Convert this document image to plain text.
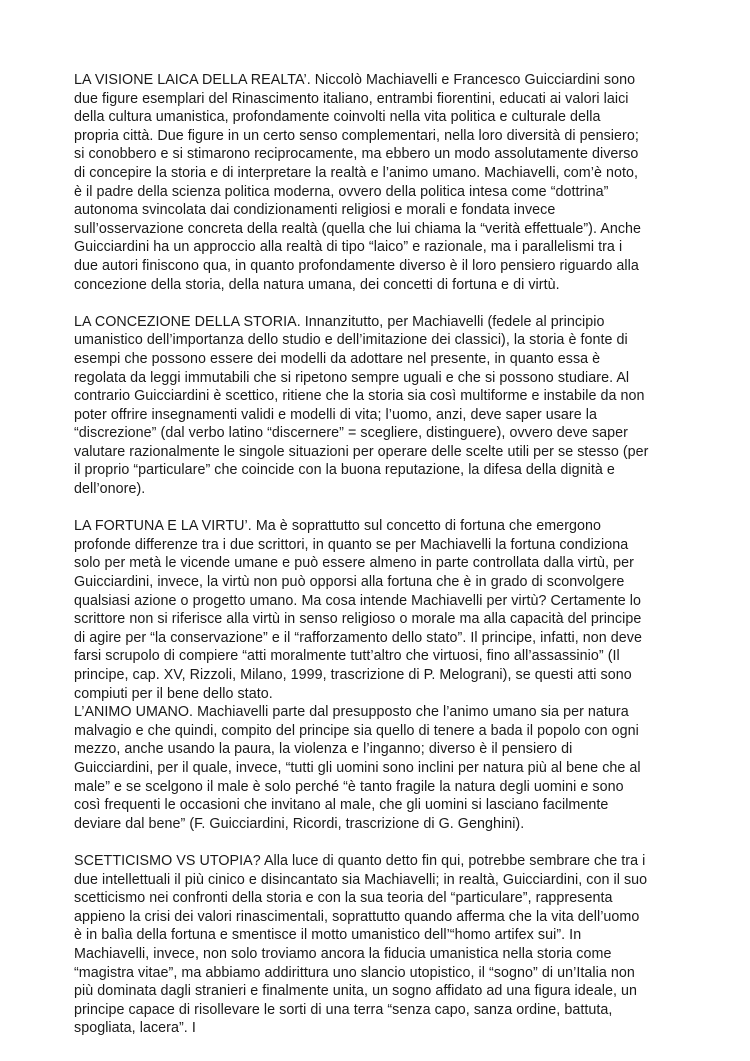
LA VISIONE LAICA DELLA REALTA’. Niccolò Machiavelli e Francesco Guicciardini sono
due figure esemplari del Rinascimento italiano, entrambi fiorentini, educati ai valori laici
della cultura umanistica, profondamente coinvolti nella vita politica e culturale della
propria città. Due figure in un certo senso complementari, nella loro diversità di pensiero;
si conobbero e si stimarono reciprocamente, ma ebbero un modo assolutamente diverso
di concepire la storia e di interpretare la realtà e l’animo umano. Machiavelli, com’è noto,
è il padre della scienza politica moderna, ovvero della politica intesa come “dottrina”
autonoma svincolata dai condizionamenti religiosi e morali e fondata invece
sull’osservazione concreta della realtà (quella che lui chiama la “verità effettuale”). Anche
Guicciardini ha un approccio alla realtà di tipo “laico” e razionale, ma i parallelismi tra i
due autori finiscono qua, in quanto profondamente diverso è il loro pensiero riguardo alla
concezione della storia, della natura umana, dei concetti di fortuna e di virtù.
LA CONCEZIONE DELLA STORIA. Innanzitutto, per Machiavelli (fedele al principio
umanistico dell’importanza dello studio e dell’imitazione dei classici), la storia è fonte di
esempi che possono essere dei modelli da adottare nel presente, in quanto essa è
regolata da leggi immutabili che si ripetono sempre uguali e che si possono studiare. Al
contrario Guicciardini è scettico, ritiene che la storia sia così multiforme e instabile da non
poter offrire insegnamenti validi e modelli di vita; l’uomo, anzi, deve saper usare la
“discrezione” (dal verbo latino “discernere” = scegliere, distinguere), ovvero deve saper
valutare razionalmente le singole situazioni per operare delle scelte utili per se stesso (per
il proprio “particulare” che coincide con la buona reputazione, la difesa della dignità e
dell’onore).
LA FORTUNA E LA VIRTU’. Ma è soprattutto sul concetto di fortuna che emergono
profonde differenze tra i due scrittori, in quanto se per Machiavelli la fortuna condiziona
solo per metà le vicende umane e può essere almeno in parte controllata dalla virtù, per
Guicciardini, invece, la virtù non può opporsi alla fortuna che è in grado di sconvolgere
qualsiasi azione o progetto umano. Ma cosa intende Machiavelli per virtù? Certamente lo
scrittore non si riferisce alla virtù in senso religioso o morale ma alla capacità del principe
di agire per “la conservazione” e il “rafforzamento dello stato”. Il principe, infatti, non deve
farsi scrupolo di compiere “atti moralmente tutt’altro che virtuosi, fino all’assassinio” (Il
principe, cap. XV, Rizzoli, Milano, 1999, trascrizione di P. Melograni), se questi atti sono
compiuti per il bene dello stato.
L’ANIMO UMANO. Machiavelli parte dal presupposto che l’animo umano sia per natura
malvagio e che quindi, compito del principe sia quello di tenere a bada il popolo con ogni
mezzo, anche usando la paura, la violenza e l’inganno; diverso è il pensiero di
Guicciardini, per il quale, invece, “tutti gli uomini sono inclini per natura più al bene che al
male” e se scelgono il male è solo perché “è tanto fragile la natura degli uomini e sono
così frequenti le occasioni che invitano al male, che gli uomini si lasciano facilmente
deviare dal bene” (F. Guicciardini, Ricordi, trascrizione di G. Genghini).
SCETTICISMO VS UTOPIA? Alla luce di quanto detto fin qui, potrebbe sembrare che tra i
due intellettuali il più cinico e disincantato sia Machiavelli; in realtà, Guicciardini, con il suo
scetticismo nei confronti della storia e con la sua teoria del “particulare”, rappresenta
appieno la crisi dei valori rinascimentali, soprattutto quando afferma che la vita dell’uomo
è in balìa della fortuna e smentisce il motto umanistico dell’“homo artifex sui”. In
Machiavelli, invece, non solo troviamo ancora la fiducia umanistica nella storia come
“magistra vitae”, ma abbiamo addirittura uno slancio utopistico, il “sogno” di un’Italia non
più dominata dagli stranieri e finalmente unita, un sogno affidato ad una figura ideale, un
principe capace di risollevare le sorti di una terra “senza capo, sanza ordine, battuta,
spogliata, lacera”. I
